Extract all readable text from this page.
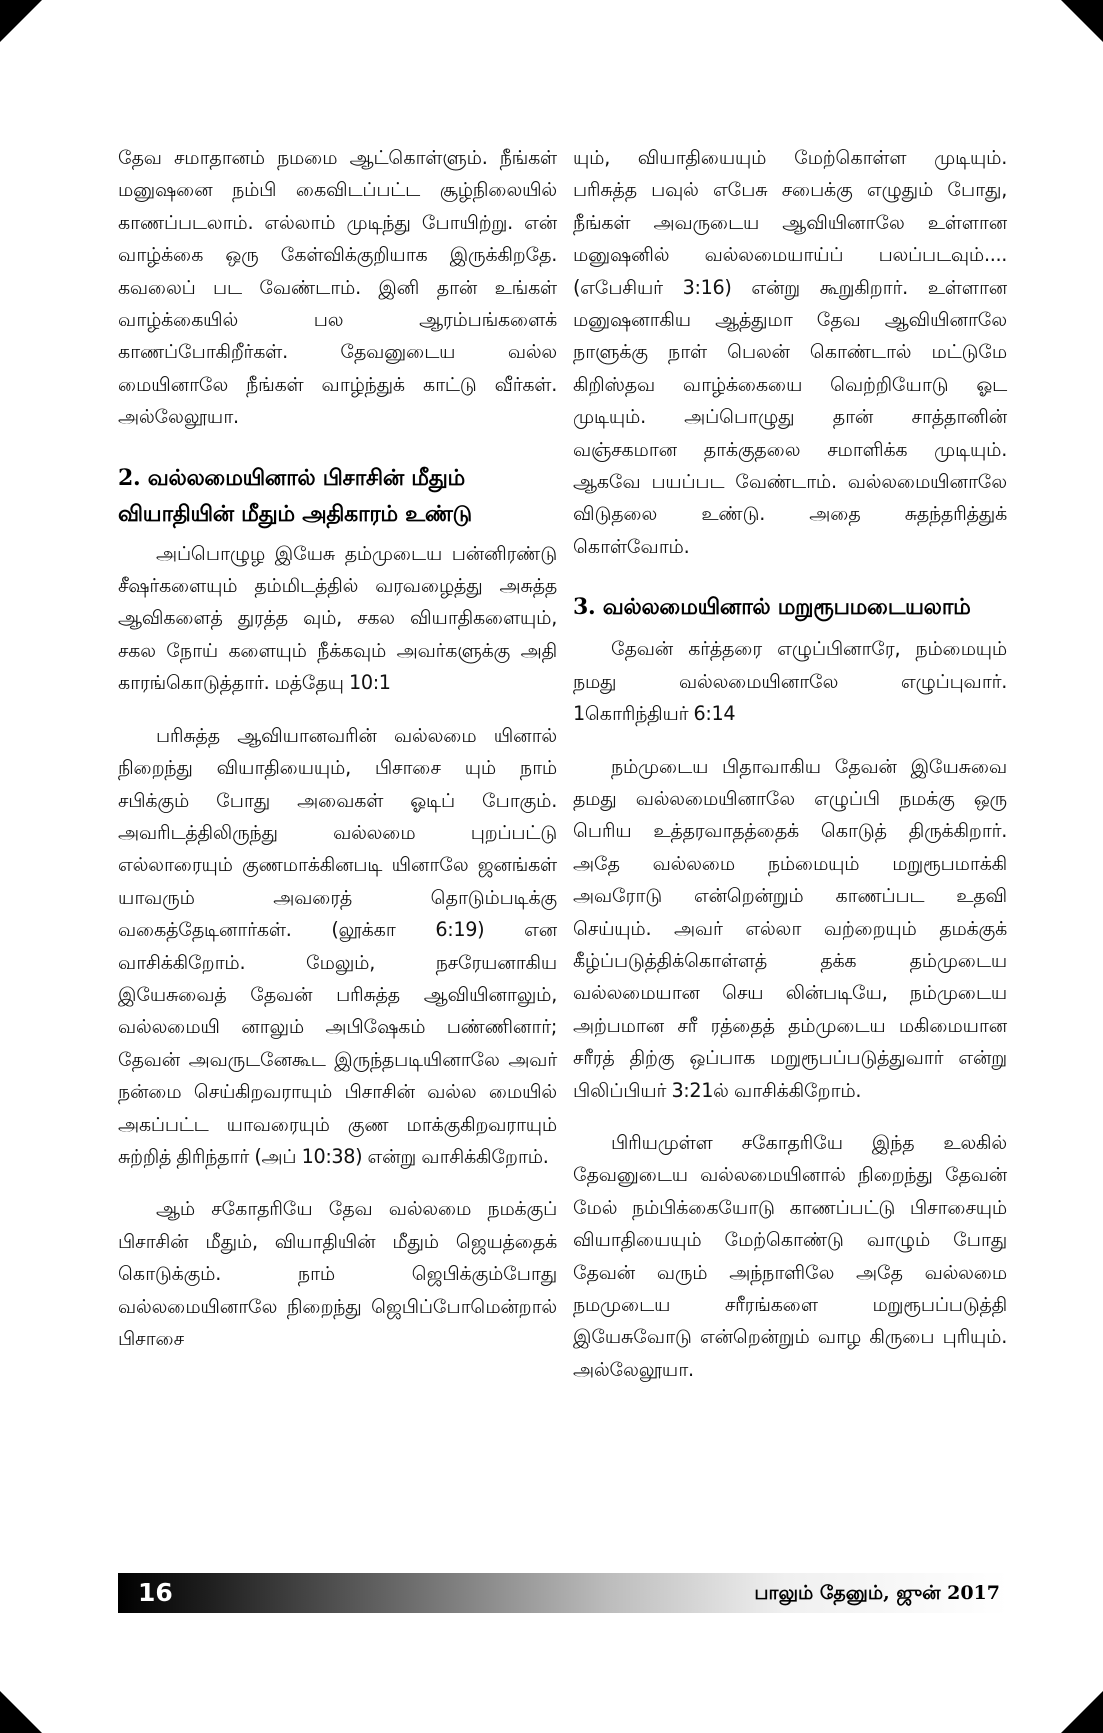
தேவ சமாதானம் நமமை ஆட்கொள்ளும். நீங்கள் மனுஷனை நம்பி கைவிடப்பட்ட சூழ்நிலையில் காணப்படலாம். எல்லாம் முடிந்து போயிற்று. என் வாழ்க்கை ஒரு கேள்விக்குறியாக இருக்கிறதே. கவலைப் பட வேண்டாம். இனி தான் உங்கள் வாழ்க்கையில் பல ஆரம்பங்களைக் காணப்போகிறீர்கள். தேவனுடைய வல்ல மையினாலே நீங்கள் வாழ்ந்துக் காட்டு வீர்கள். அல்லேலூயா.

2. வல்லமையினால் பிசாசின் மீதும் வியாதியின் மீதும் அதிகாரம் உண்டு

அப்பொழுழ இயேசு தம்முடைய பன்னிரண்டு சீஷர்களையும் தம்மிடத்தில் வரவழைத்து அசுத்த ஆவிகளைத் துரத்த வும், சகல வியாதிகளையும், சகல நோய் களையும் நீக்கவும் அவர்களுக்கு அதி காரங்கொடுத்தார். மத்தேயு 10:1

பரிசுத்த ஆவியானவரின் வல்லமை யினால் நிறைந்து வியாதியையும், பிசாசை யும் நாம் சபிக்கும் போது அவைகள் ஓடிப் போகும். அவரிடத்திலிருந்து வல்லமை புறப்பட்டு எல்லாரையும் குணமாக்கினபடி யினாலே ஜனங்கள் யாவரும் அவரைத் தொடும்படிக்கு வகைத்தேடினார்கள். (லூக்கா 6:19) என வாசிக்கிறோம். மேலும், நசரேயனாகிய இயேசுவைத் தேவன் பரிசுத்த ஆவியினாலும், வல்லமையி னாலும் அபிஷேகம் பண்ணினார்; தேவன் அவருடனேகூட இருந்தபடியினாலே அவர் நன்மை செய்கிறவராயும் பிசாசின் வல்ல மையில் அகப்பட்ட யாவரையும் குண மாக்குகிறவராயும் சுற்றித் திரிந்தார் (அப் 10:38) என்று வாசிக்கிறோம்.

ஆம் சகோதரியே தேவ வல்லமை நமக்குப் பிசாசின் மீதும், வியாதியின் மீதும் ஜெயத்தைக் கொடுக்கும். நாம் ஜெபிக்கும்போது வல்லமையினாலே நிறைந்து ஜெபிப்போமென்றால் பிசாசை

யும், வியாதியையும் மேற்கொள்ள முடியும். பரிசுத்த பவுல் எபேசு சபைக்கு எழுதும் போது, நீங்கள் அவருடைய ஆவியினாலே உள்ளான மனுஷனில் வல்லமையாய்ப் பலப்படவும்.... (எபேசியர் 3:16) என்று கூறுகிறார். உள்ளான மனுஷனாகிய ஆத்துமா தேவ ஆவியினாலே நாளுக்கு நாள் பெலன் கொண்டால் மட்டுமே கிறிஸ்தவ வாழ்க்கையை வெற்றியோடு ஓட முடியும். அப்பொழுது தான் சாத்தானின் வஞ்சகமான தாக்குதலை சமாளிக்க முடியும். ஆகவே பயப்பட வேண்டாம். வல்லமையினாலே விடுதலை உண்டு. அதை சுதந்தரித்துக் கொள்வோம்.

3. வல்லமையினால் மறுரூபமடையலாம்

தேவன் கர்த்தரை எழுப்பினாரே, நம்மையும் நமது வல்லமையினாலே எழுப்புவார். 1கொரிந்தியர் 6:14

நம்முடைய பிதாவாகிய தேவன் இயேசுவை தமது வல்லமையினாலே எழுப்பி நமக்கு ஒரு பெரிய உத்தரவாதத்தைக் கொடுத் திருக்கிறார். அதே வல்லமை நம்மையும் மறுரூபமாக்கி அவரோடு என்றென்றும் காணப்பட உதவி செய்யும். அவர் எல்லா வற்றையும் தமக்குக் கீழ்ப்படுத்திக்கொள்ளத் தக்க தம்முடைய வல்லமையான செய லின்படியே, நம்முடைய அற்பமான சரீ ரத்தைத் தம்முடைய மகிமையான சரீரத் திற்கு ஒப்பாக மறுரூபப்படுத்துவார் என்று பிலிப்பியர் 3:21ல் வாசிக்கிறோம்.

பிரியமுள்ள சகோதரியே இந்த உலகில் தேவனுடைய வல்லமையினால் நிறைந்து தேவன் மேல் நம்பிக்கையோடு காணப்பட்டு பிசாசையும் வியாதியையும் மேற்கொண்டு வாழும் போது தேவன் வரும் அந்நாளிலே அதே வல்லமை நமமுடைய சரீரங்களை மறுரூபப்படுத்தி இயேசுவோடு என்றென்றும் வாழ கிருபை புரியும். அல்லேலூயா.

16	பாலும் தேனும், ஜுன் 2017
